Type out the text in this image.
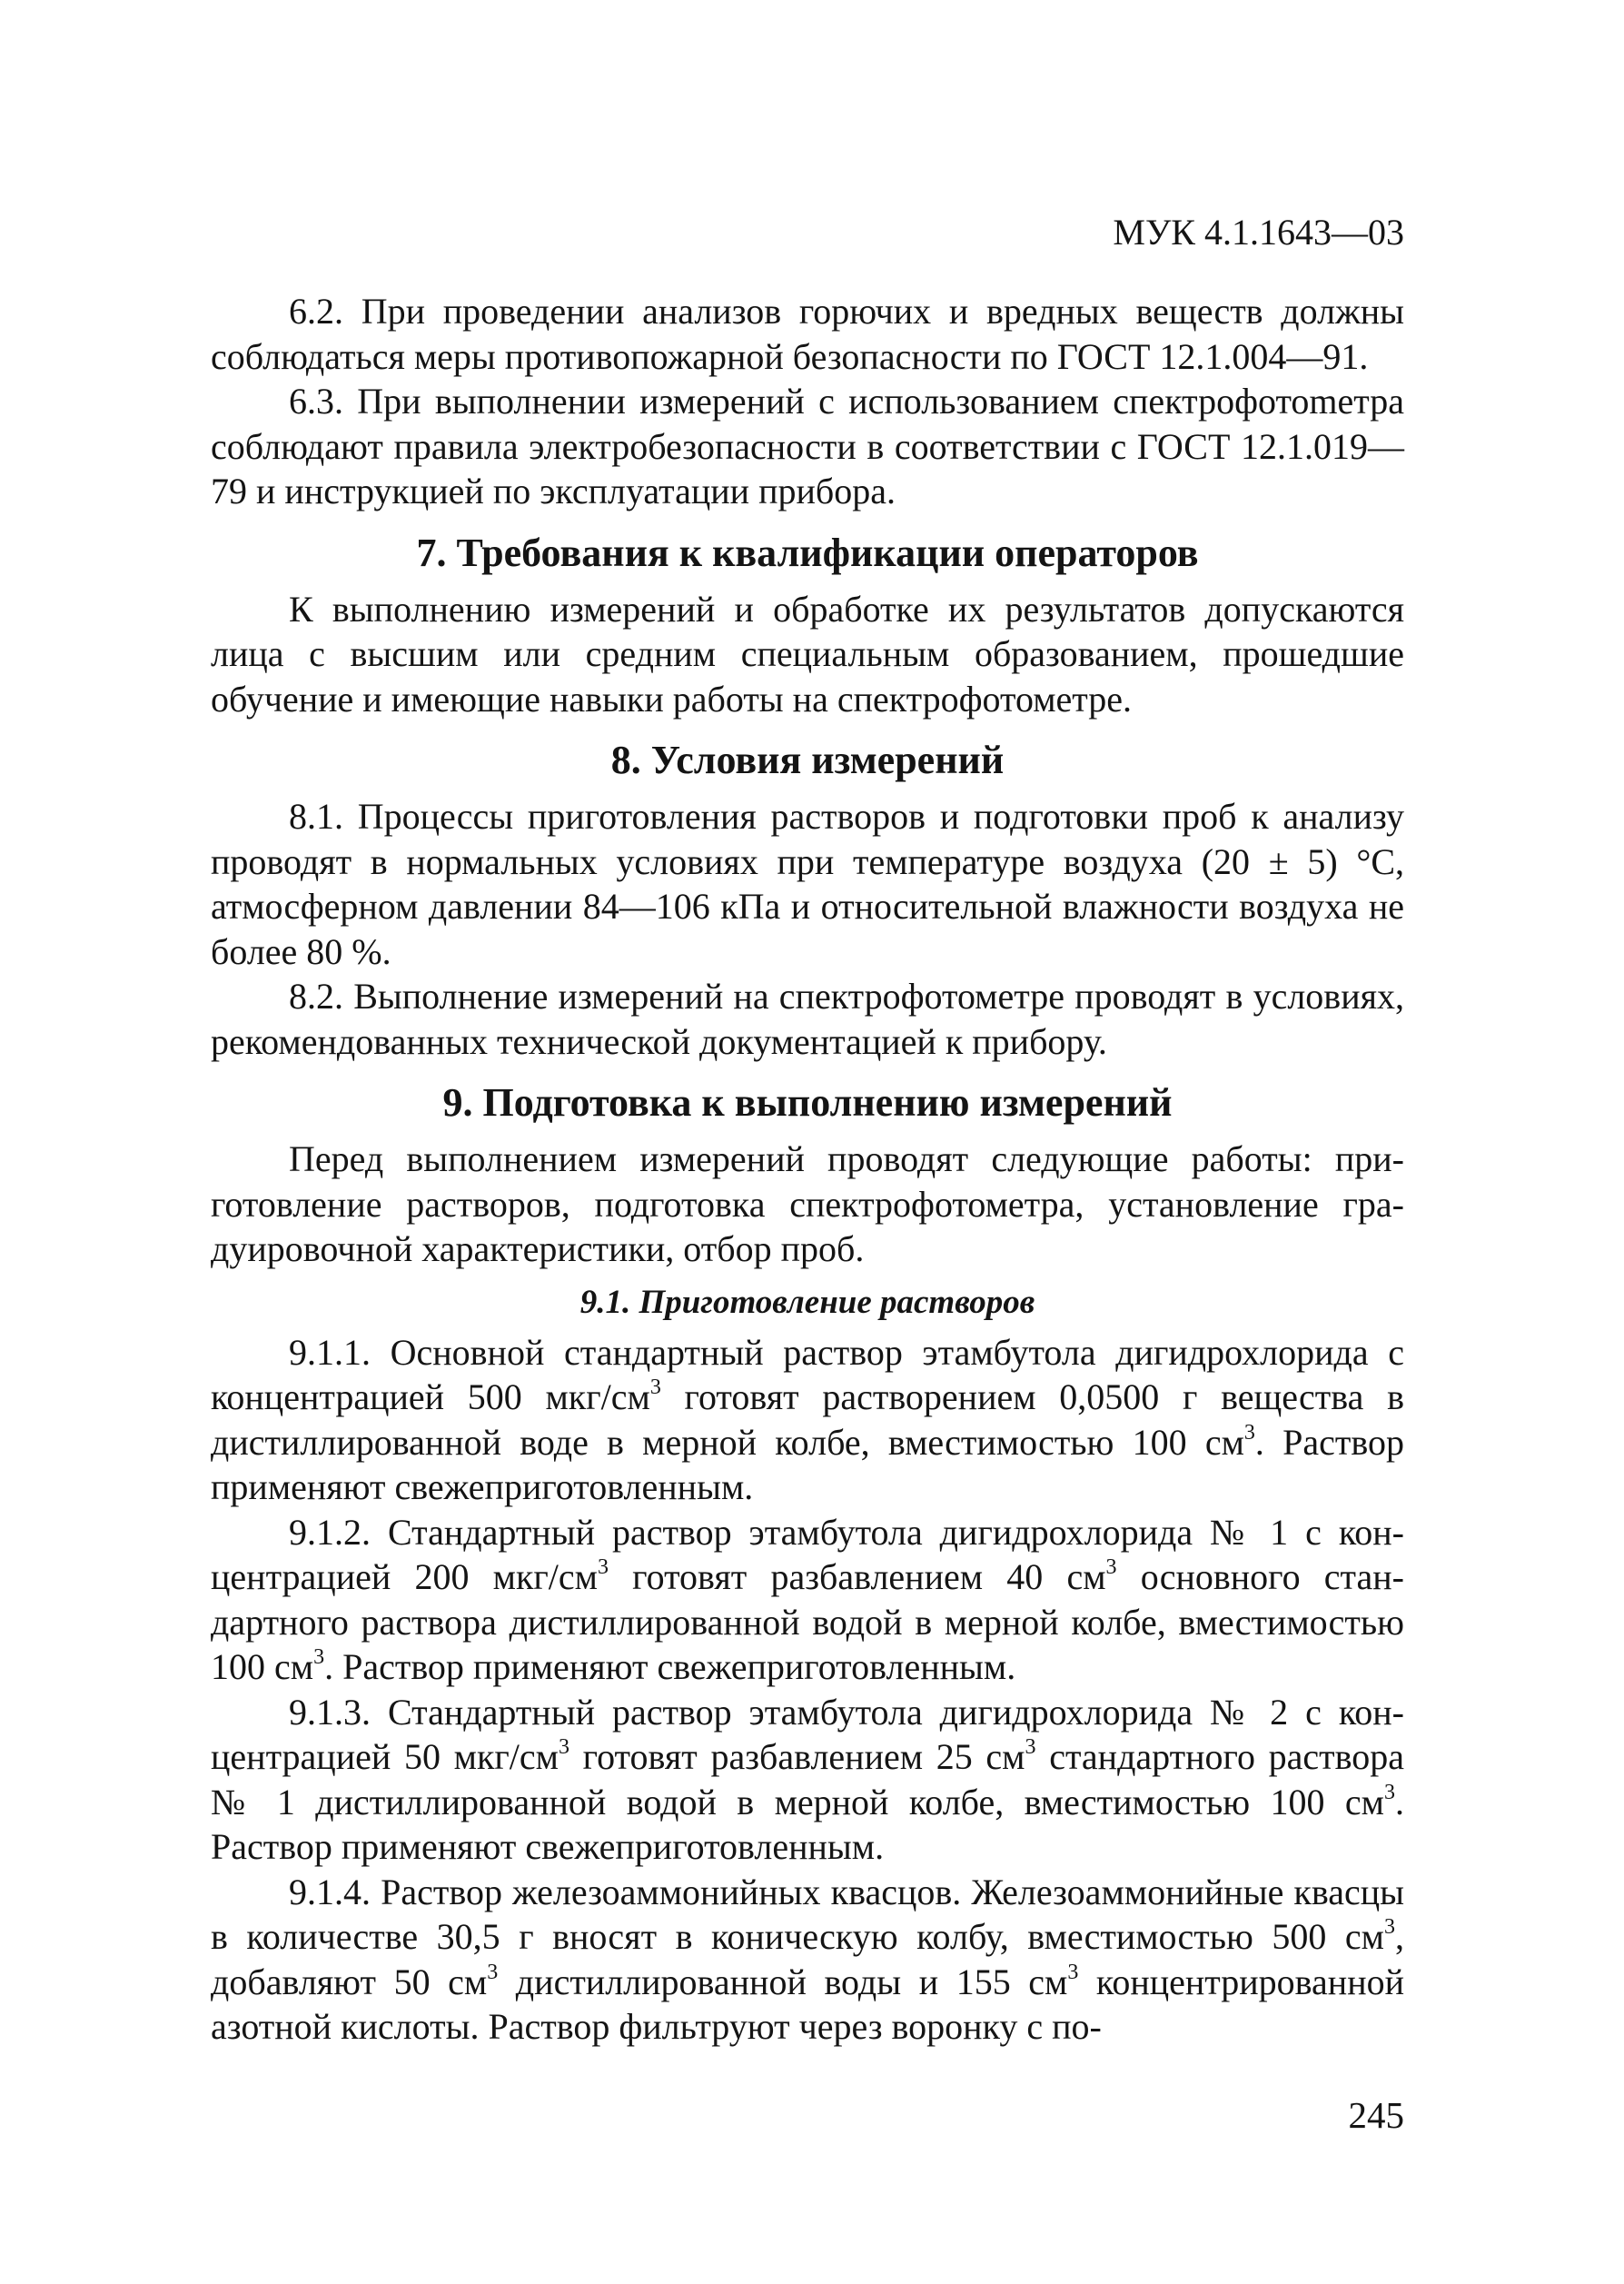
МУК 4.1.1643—03

6.2. При проведении анализов горючих и вредных веществ должны соблюдаться меры противопожарной безопасности по ГОСТ 12.1.004—91.

6.3. При выполнении измерений с использованием спектрофотоmетра соблюдают правила электробезопасности в соответствии с ГОСТ 12.1.019—79 и инструкцией по эксплуатации прибора.

7. Требования к квалификации операторов

К выполнению измерений и обработке их результатов допускаются лица с высшим или средним специальным образованием, прошедшие обучение и имеющие навыки работы на спектрофотометре.

8. Условия измерений

8.1. Процессы приготовления растворов и подготовки проб к анализу проводят в нормальных условиях при температуре воздуха (20 ± 5) °C, атмосферном давлении 84—106 кПа и относительной влажности воздуха не более 80 %.

8.2. Выполнение измерений на спектрофотометре проводят в условиях, рекомендованных технической документацией к прибору.

9. Подготовка к выполнению измерений

Перед выполнением измерений проводят следующие работы: приготовление растворов, подготовка спектрофотометра, установление градуировочной характеристики, отбор проб.

9.1. Приготовление растворов

9.1.1. Основной стандартный раствор этамбутола дигидрохлорида с концентрацией 500 мкг/$см^3$ готовят растворением 0,0500 г вещества в дистиллированной воде в мерной колбе, вместимостью 100 $см^3$. Раствор применяют свежеприготовленным.

9.1.2. Стандартный раствор этамбутола дигидрохлорида № 1 с концентрацией 200 мкг/$см^3$ готовят разбавлением 40 $см^3$ основного стандартного раствора дистиллированной водой в мерной колбе, вместимостью 100 $см^3$. Раствор применяют свежеприготовленным.

9.1.3. Стандартный раствор этамбутола дигидрохлорида № 2 с концентрацией 50 мкг/$см^3$ готовят разбавлением 25 $см^3$ стандартного раствора № 1 дистиллированной водой в мерной колбе, вместимостью 100 $см^3$. Раствор применяют свежеприготовленным.

9.1.4. Раствор железоаммонийных квасцов. Железоаммонийные квасцы в количестве 30,5 г вносят в коническую колбу, вместимостью 500 $см^3$, добавляют 50 $см^3$ дистиллированной воды и 155 $см^3$ концентрированной азотной кислоты. Раствор фильтруют через воронку с по-

245
